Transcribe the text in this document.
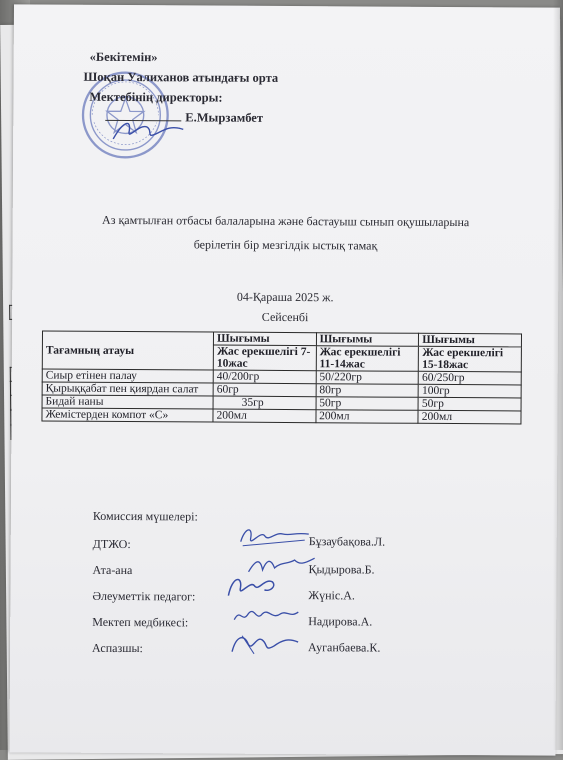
«Бекітемін»
Шоқан Уалиханов атындағы орта
Мектебінің директоры:
Е.Мырзамбет
Аз қамтылған отбасы балаларына және бастауыш сынып оқушыларына
берілетін бір мезгілдік ыстық тамақ
04-Қараша 2025 ж.
Сейсенбі
Тағамның атауы	Шығымы	Шығымы	Шығымы
	Жас ерекшелігі 7-10жас	Жас ерекшелігі 11-14жас	Жас ерекшелігі 15-18жас
Сиыр етінен палау	40/200гр	50/220гр	60/250гр
Қырыққабат пен қиярдан салат	60гр	80гр	100гр
Бидай наны	35гр	50гр	50гр
Жемістерден компот «С»	200мл	200мл	200мл
Комиссия мүшелері:
ДТЖО:	Бұзаубақова.Л.
Ата-ана	Қыдырова.Б.
Әлеуметтік педагог:	Жүніс.А.
Мектеп медбикесі:	Надирова.А.
Аспазшы:	Ауганбаева.К.
